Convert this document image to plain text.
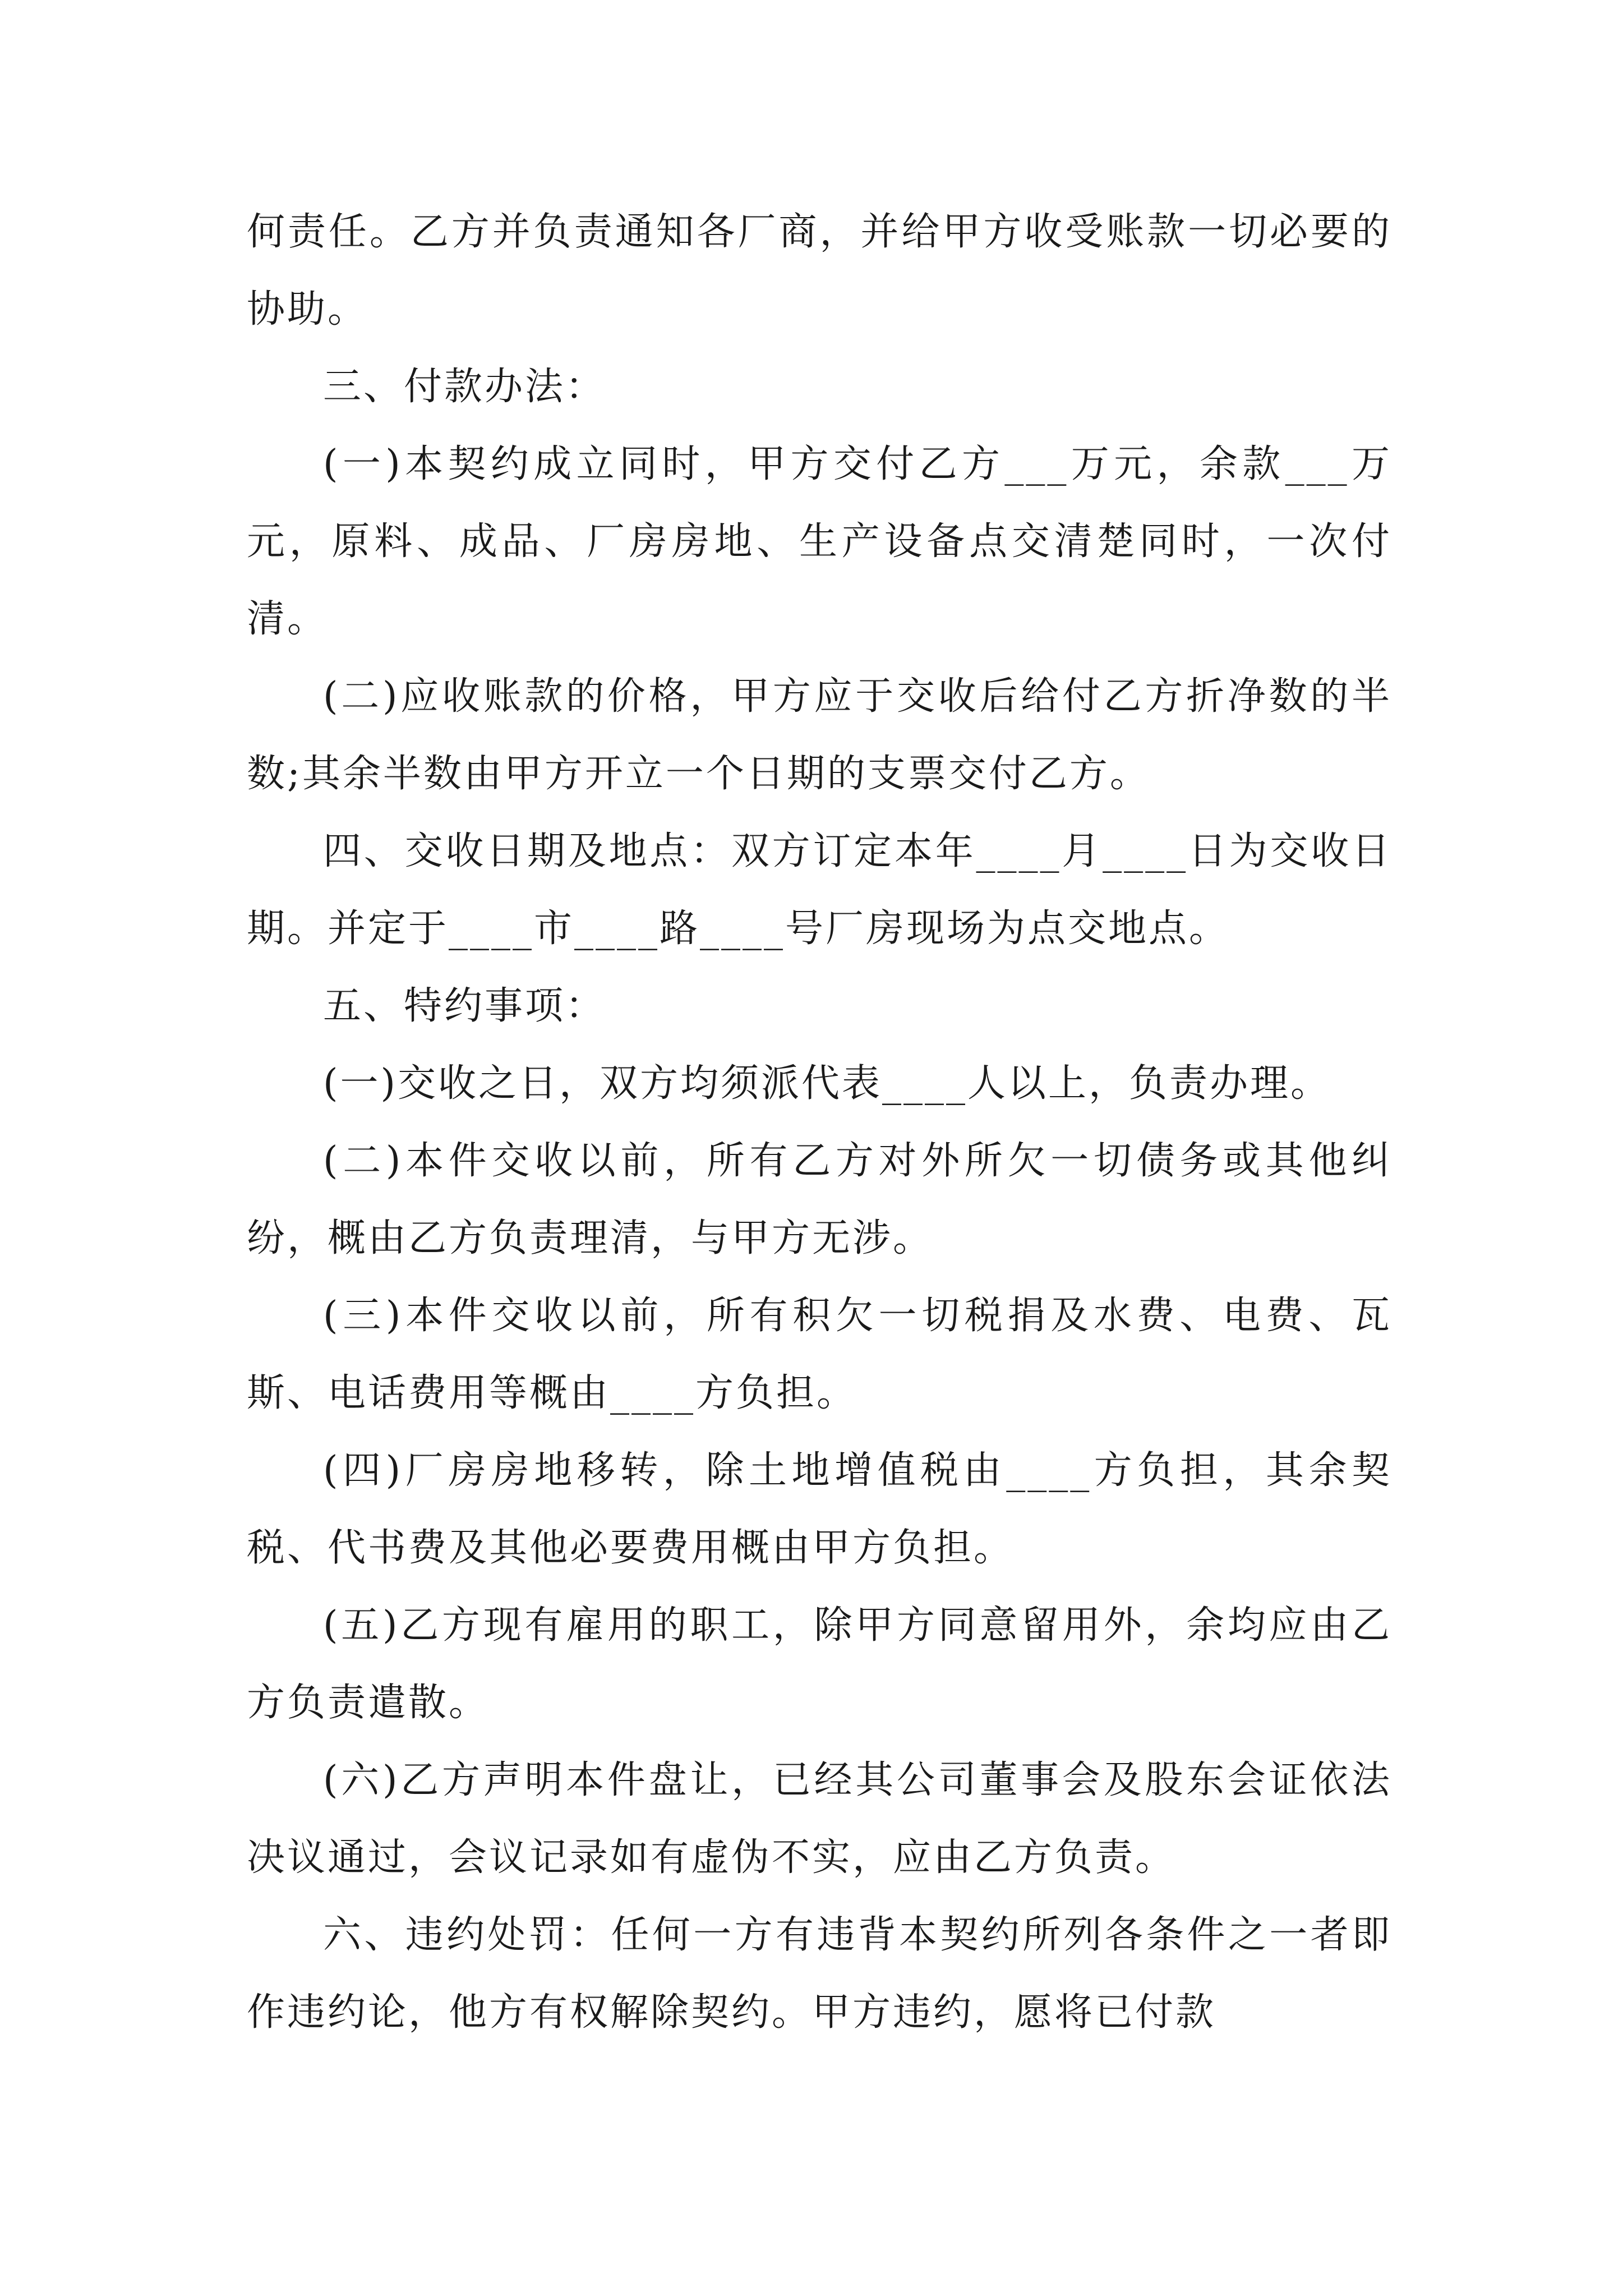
何责任。乙方并负责通知各厂商，并给甲方收受账款一切必要的协助。

三、付款办法：

(一)本契约成立同时，甲方交付乙方___万元，余款___万元，原料、成品、厂房房地、生产设备点交清楚同时，一次付清。

(二)应收账款的价格，甲方应于交收后给付乙方折净数的半数;其余半数由甲方开立一个日期的支票交付乙方。

四、交收日期及地点：双方订定本年____月____日为交收日期。并定于____市____路____号厂房现场为点交地点。

五、特约事项：

(一)交收之日，双方均须派代表____人以上，负责办理。

(二)本件交收以前，所有乙方对外所欠一切债务或其他纠纷，概由乙方负责理清，与甲方无涉。

(三)本件交收以前，所有积欠一切税捐及水费、电费、瓦斯、电话费用等概由____方负担。

(四)厂房房地移转，除土地增值税由____方负担，其余契税、代书费及其他必要费用概由甲方负担。

(五)乙方现有雇用的职工，除甲方同意留用外，余均应由乙方负责遣散。

(六)乙方声明本件盘让，已经其公司董事会及股东会证依法决议通过，会议记录如有虚伪不实，应由乙方负责。

六、违约处罚：任何一方有违背本契约所列各条件之一者即作违约论，他方有权解除契约。甲方违约，愿将已付款
